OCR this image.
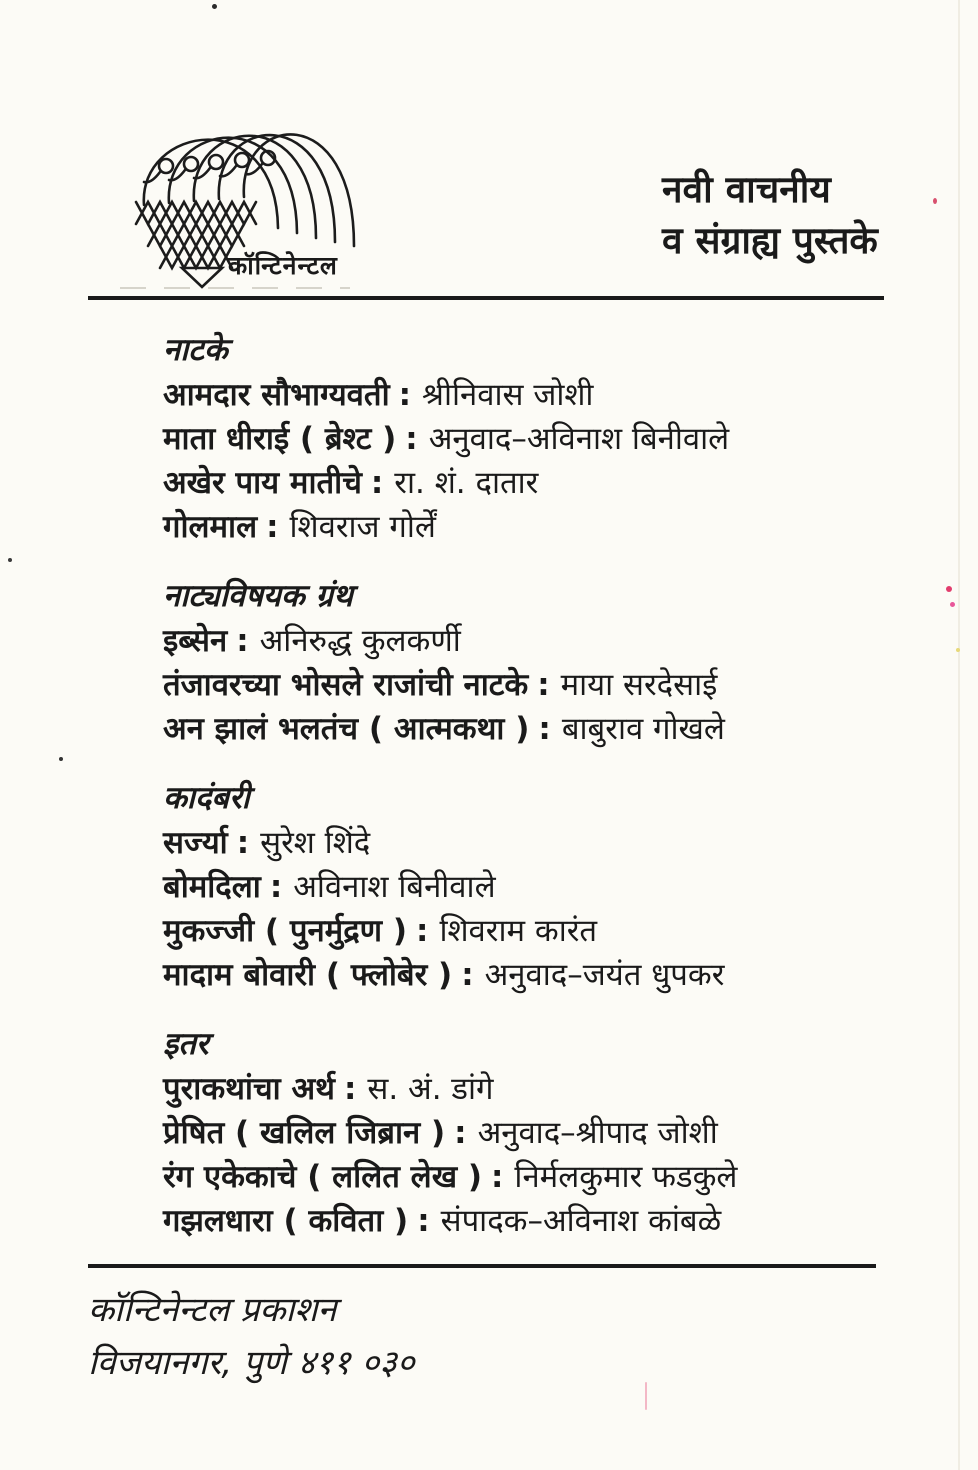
कॉन्टिनेन्टल
नवी वाचनीय
व संग्राह्य पुस्तके
नाटके

आमदार सौभाग्यवती : श्रीनिवास जोशी

माता धीराई ( ब्रेश्ट ) : अनुवाद–अविनाश बिनीवाले

अखेर पाय मातीचे : रा. शं. दातार

गोलमाल : शिवराज गोर्लें

नाट्यविषयक ग्रंथ

इब्सेन : अनिरुद्ध कुलकर्णी

तंजावरच्या भोसले राजांची नाटके : माया सरदेसाई

अन झालं भलतंच ( आत्मकथा ) : बाबुराव गोखले

कादंबरी

सर्ज्या : सुरेश शिंदे

बोमदिला : अविनाश बिनीवाले

मुकज्जी ( पुनर्मुद्रण ) : शिवराम कारंत

मादाम बोवारी ( फ्लोबेर ) : अनुवाद–जयंत धुपकर

इतर

पुराकथांचा अर्थ : स. अं. डांगे

प्रेषित ( खलिल जिब्रान ) : अनुवाद–श्रीपाद जोशी

रंग एकेकाचे ( ललित लेख ) : निर्मलकुमार फडकुले

गझलधारा ( कविता ) : संपादक–अविनाश कांबळे

कॉन्टिनेन्टल प्रकाशन
विजयानगर, पुणे ४११ ०३०
